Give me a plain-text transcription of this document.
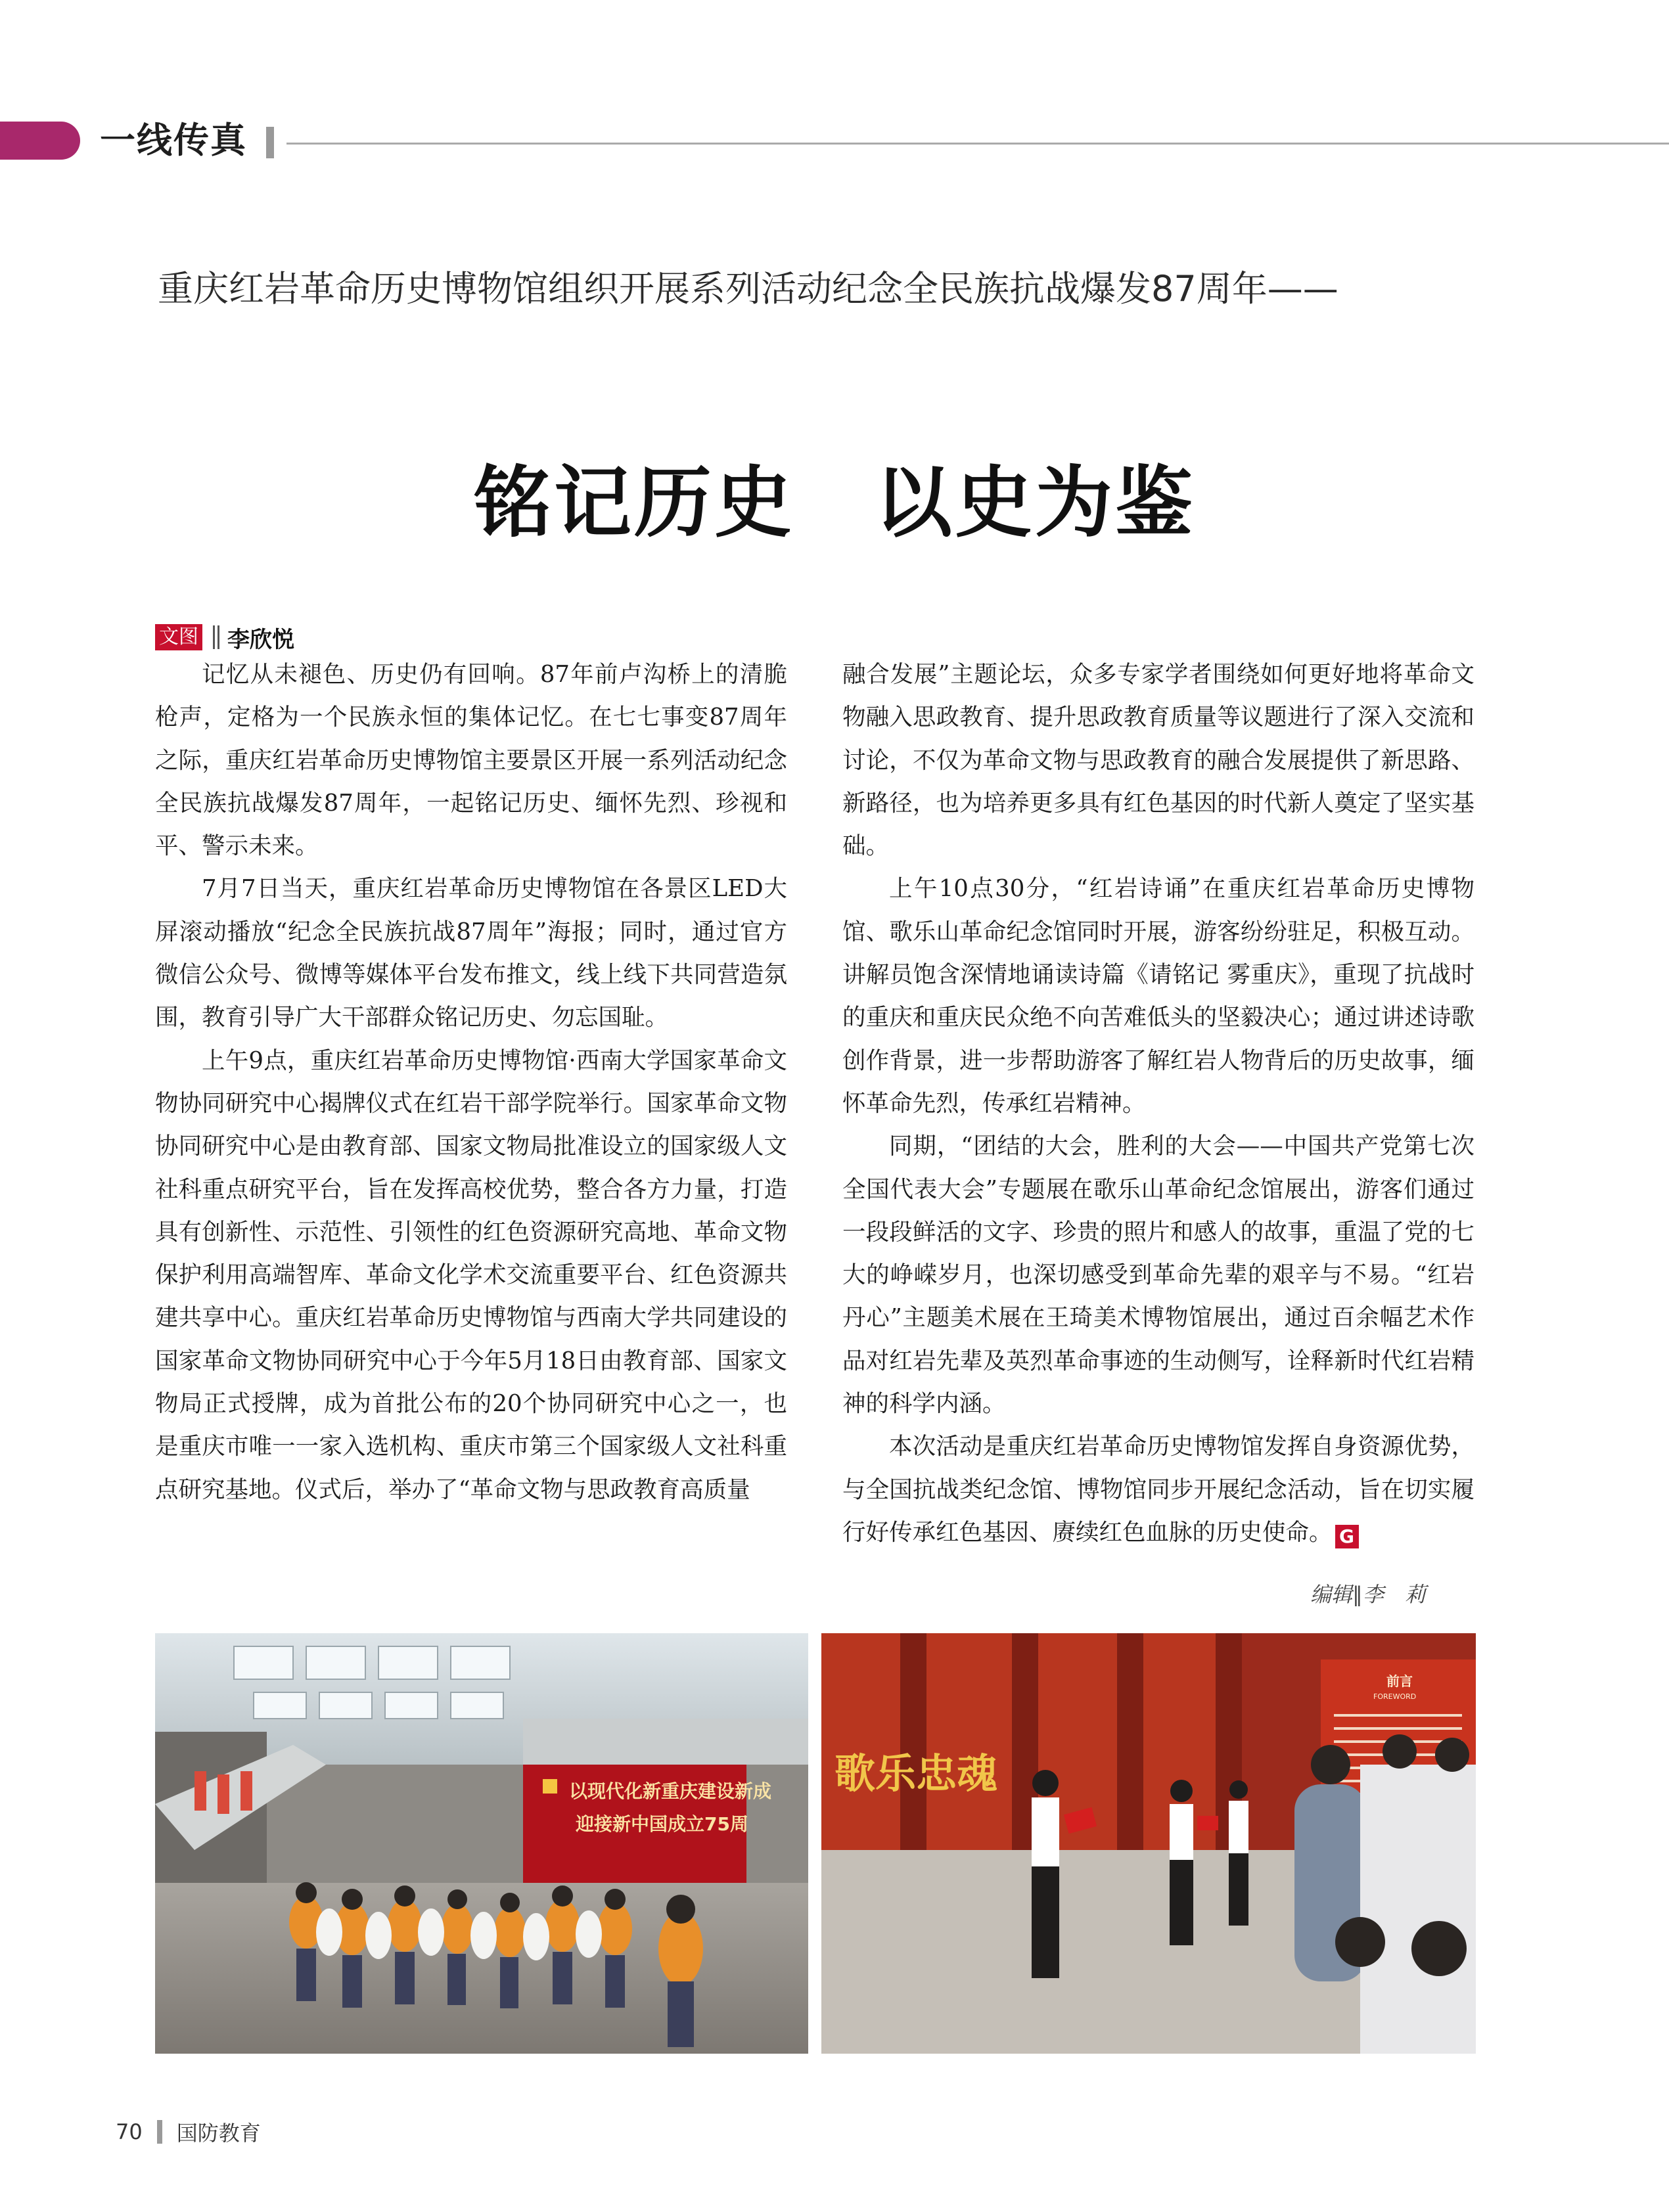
一线传真
重庆红岩革命历史博物馆组织开展系列活动纪念全民族抗战爆发87周年——
铭记历史　以史为鉴
文图 李欣悦

记忆从未褪色、历史仍有回响。87年前卢沟桥上的清脆枪声，定格为一个民族永恒的集体记忆。在七七事变87周年之际，重庆红岩革命历史博物馆主要景区开展一系列活动纪念全民族抗战爆发87周年，一起铭记历史、缅怀先烈、珍视和平、警示未来。

7月7日当天，重庆红岩革命历史博物馆在各景区LED大屏滚动播放“纪念全民族抗战87周年”海报；同时，通过官方微信公众号、微博等媒体平台发布推文，线上线下共同营造氛围，教育引导广大干部群众铭记历史、勿忘国耻。

上午9点，重庆红岩革命历史博物馆·西南大学国家革命文物协同研究中心揭牌仪式在红岩干部学院举行。国家革命文物协同研究中心是由教育部、国家文物局批准设立的国家级人文社科重点研究平台，旨在发挥高校优势，整合各方力量，打造具有创新性、示范性、引领性的红色资源研究高地、革命文物保护利用高端智库、革命文化学术交流重要平台、红色资源共建共享中心。重庆红岩革命历史博物馆与西南大学共同建设的国家革命文物协同研究中心于今年5月18日由教育部、国家文物局正式授牌，成为首批公布的20个协同研究中心之一，也是重庆市唯一一家入选机构、重庆市第三个国家级人文社科重点研究基地。仪式后，举办了“革命文物与思政教育高质量

融合发展”主题论坛，众多专家学者围绕如何更好地将革命文物融入思政教育、提升思政教育质量等议题进行了深入交流和讨论，不仅为革命文物与思政教育的融合发展提供了新思路、新路径，也为培养更多具有红色基因的时代新人奠定了坚实基础。

上午10点30分，“红岩诗诵”在重庆红岩革命历史博物馆、歌乐山革命纪念馆同时开展，游客纷纷驻足，积极互动。讲解员饱含深情地诵读诗篇《请铭记 雾重庆》，重现了抗战时的重庆和重庆民众绝不向苦难低头的坚毅决心；通过讲述诗歌创作背景，进一步帮助游客了解红岩人物背后的历史故事，缅怀革命先烈，传承红岩精神。

同期，“团结的大会，胜利的大会——中国共产党第七次全国代表大会”专题展在歌乐山革命纪念馆展出，游客们通过一段段鲜活的文字、珍贵的照片和感人的故事，重温了党的七大的峥嵘岁月，也深切感受到革命先辈的艰辛与不易。“红岩丹心”主题美术展在王琦美术博物馆展出，通过百余幅艺术作品对红岩先辈及英烈革命事迹的生动侧写，诠释新时代红岩精神的科学内涵。

本次活动是重庆红岩革命历史博物馆发挥自身资源优势，与全国抗战类纪念馆、博物馆同步开展纪念活动，旨在切实履行好传承红色基因、赓续红色血脉的历史使命。 G

编辑∥李　莉
以现代化新重庆建设新成
迎接新中国成立75周
前言
FOREWORD
歌乐忠魂
70 国防教育
